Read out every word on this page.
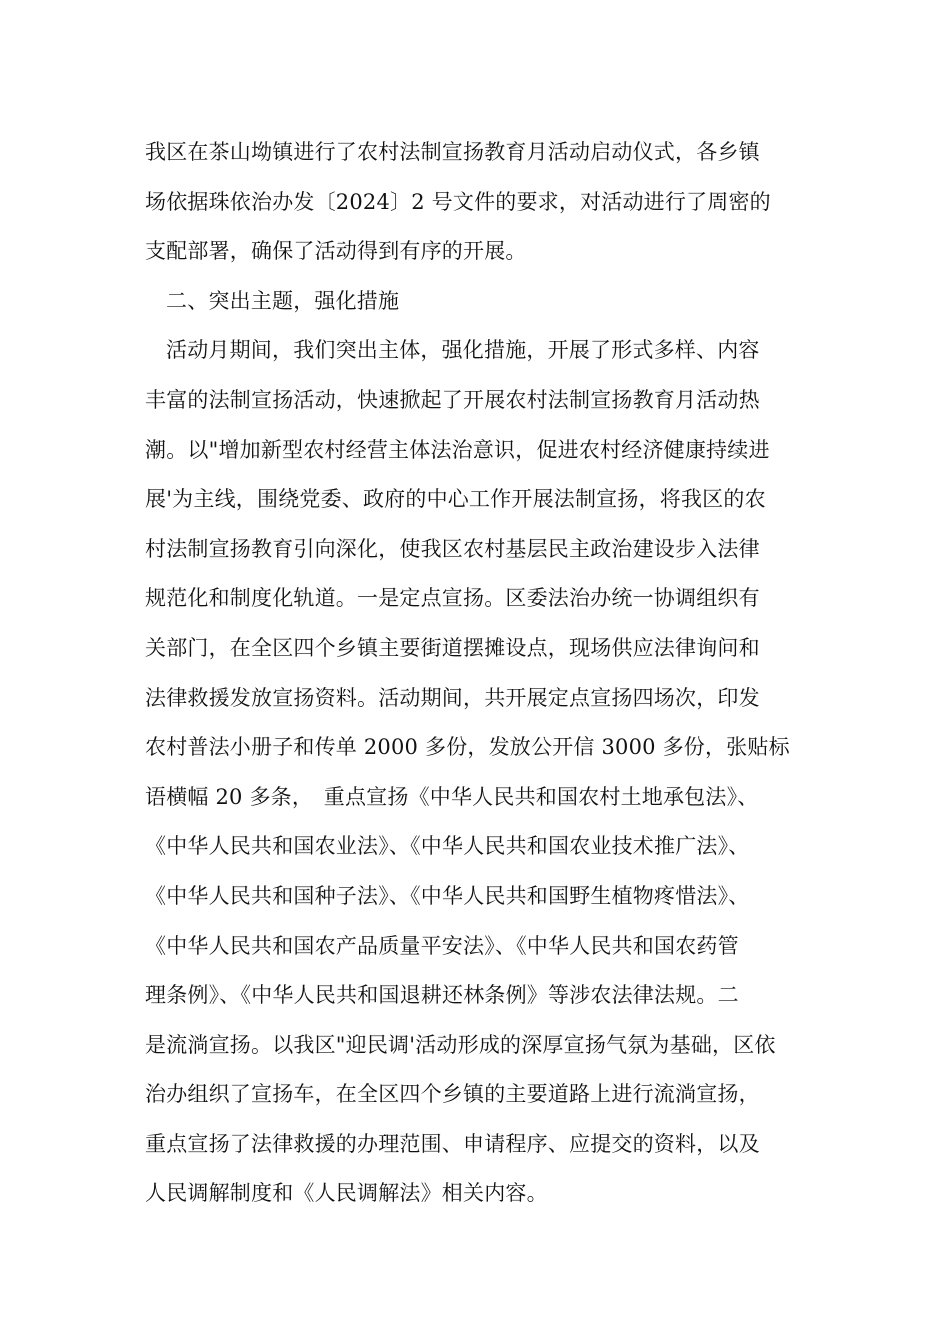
我区在茶山坳镇进行了农村法制宣扬教育月活动启动仪式，各乡镇
场依据珠依治办发〔2024〕2 号文件的要求，对活动进行了周密的
支配部署，确保了活动得到有序的开展。
二、突出主题，强化措施
活动月期间，我们突出主体，强化措施，开展了形式多样、内容
丰富的法制宣扬活动，快速掀起了开展农村法制宣扬教育月活动热
潮。以"增加新型农村经营主体法治意识，促进农村经济健康持续进
展'为主线，围绕党委、政府的中心工作开展法制宣扬，将我区的农
村法制宣扬教育引向深化，使我区农村基层民主政治建设步入法律
规范化和制度化轨道。一是定点宣扬。区委法治办统一协调组织有
关部门，在全区四个乡镇主要街道摆摊设点，现场供应法律询问和
法律救援发放宣扬资料。活动期间，共开展定点宣扬四场次，印发
农村普法小册子和传单 2000 多份，发放公开信 3000 多份，张贴标
语横幅 20 多条，　重点宣扬《中华人民共和国农村土地承包法》、
《中华人民共和国农业法》、《中华人民共和国农业技术推广法》、
《中华人民共和国种子法》、《中华人民共和国野生植物疼惜法》、
《中华人民共和国农产品质量平安法》、《中华人民共和国农药管
理条例》、《中华人民共和国退耕还林条例》等涉农法律法规。二
是流淌宣扬。以我区"迎民调'活动形成的深厚宣扬气氛为基础，区依
治办组织了宣扬车，在全区四个乡镇的主要道路上进行流淌宣扬，
重点宣扬了法律救援的办理范围、申请程序、应提交的资料，以及
人民调解制度和《人民调解法》相关内容。
